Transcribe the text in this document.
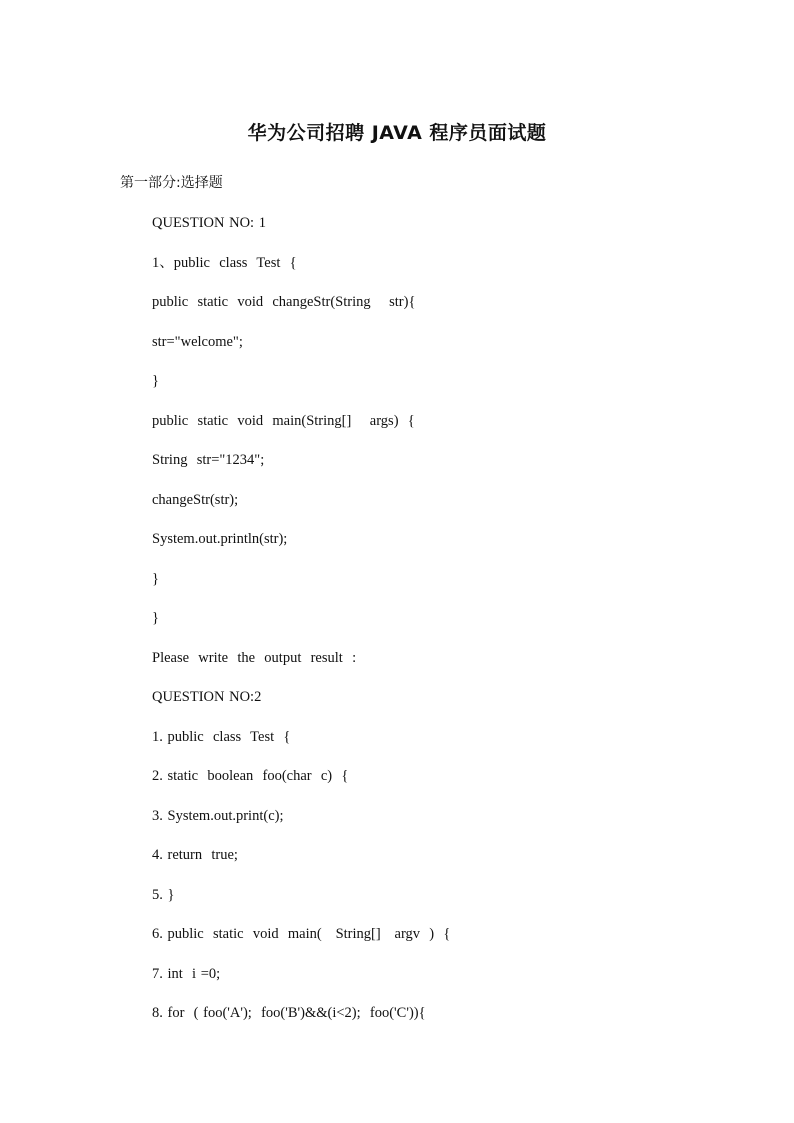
华为公司招聘 JAVA 程序员面试题
第一部分:选择题
QUESTION NO: 1
1、public  class  Test  {
public  static  void  changeStr(String    str){
str="welcome";
}
public  static  void  main(String[]    args)  {
String  str="1234";
changeStr(str);
System.out.println(str);
}
}
Please  write  the  output  result  :
QUESTION NO:2
1. public  class  Test  {
2. static  boolean  foo(char  c)  {
3. System.out.print(c);
4. return  true;
5. }
6. public  static  void  main(   String[]   argv  )  {
7. int  i =0;
8. for  ( foo('A');  foo('B')&&(i<2);  foo('C')){
